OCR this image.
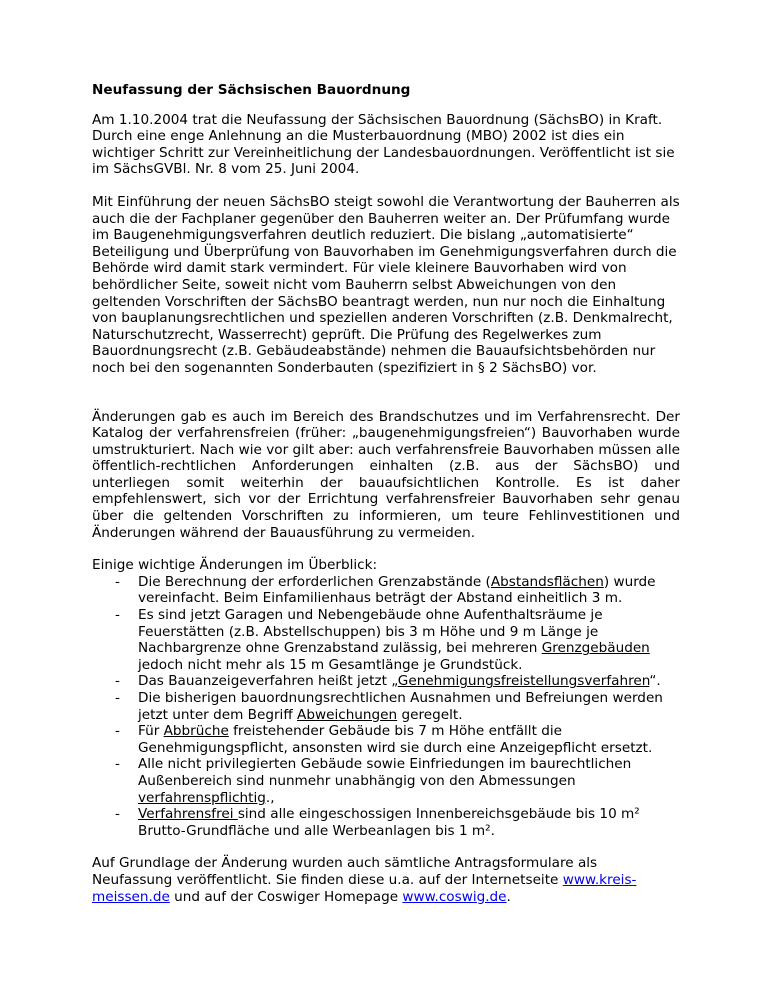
Neufassung der Sächsischen Bauordnung

Am 1.10.2004 trat die Neufassung der Sächsischen Bauordnung (SächsBO) in Kraft. Durch eine enge Anlehnung an die Musterbauordnung (MBO) 2002 ist dies ein wichtiger Schritt zur Vereinheitlichung der Landesbauordnungen. Veröffentlicht ist sie im SächsGVBl. Nr. 8 vom 25. Juni 2004.

Mit Einführung der neuen SächsBO steigt sowohl die Verantwortung der Bauherren als auch die der Fachplaner gegenüber den Bauherren weiter an. Der Prüfumfang wurde im Baugenehmigungsverfahren deutlich reduziert. Die bislang „automatisierte“ Beteiligung und Überprüfung von Bauvorhaben im Genehmigungsverfahren durch die Behörde wird damit stark vermindert. Für viele kleinere Bauvorhaben wird von behördlicher Seite, soweit nicht vom Bauherrn selbst Abweichungen von den geltenden Vorschriften der SächsBO beantragt werden, nun nur noch die Einhaltung von bauplanungsrechtlichen und speziellen anderen Vorschriften (z.B. Denkmalrecht, Naturschutzrecht, Wasserrecht) geprüft. Die Prüfung des Regelwerkes zum Bauordnungsrecht (z.B. Gebäudeabstände) nehmen die Bauaufsichtsbehörden nur noch bei den sogenannten Sonderbauten (spezifiziert in § 2 SächsBO) vor.

Änderungen gab es auch im Bereich des Brandschutzes und im Verfahrensrecht. Der Katalog der verfahrensfreien (früher: „baugenehmigungsfreien“) Bauvorhaben wurde umstrukturiert. Nach wie vor gilt aber: auch verfahrensfreie Bauvorhaben müssen alle öffentlich-rechtlichen Anforderungen einhalten (z.B. aus der SächsBO) und unterliegen somit weiterhin der bauaufsichtlichen Kontrolle. Es ist daher empfehlenswert, sich vor der Errichtung verfahrensfreier Bauvorhaben sehr genau über die geltenden Vorschriften zu informieren, um teure Fehlinvestitionen und Änderungen während der Bauausführung zu vermeiden.

Einige wichtige Änderungen im Überblick:
- Die Berechnung der erforderlichen Grenzabstände (Abstandsflächen) wurde vereinfacht. Beim Einfamilienhaus beträgt der Abstand einheitlich 3 m.
- Es sind jetzt Garagen und Nebengebäude ohne Aufenthaltsräume je Feuerstätten (z.B. Abstellschuppen) bis 3 m Höhe und 9 m Länge je Nachbargrenze ohne Grenzabstand zulässig, bei mehreren Grenzgebäuden jedoch nicht mehr als 15 m Gesamtlänge je Grundstück.
- Das Bauanzeigeverfahren heißt jetzt „Genehmigungsfreistellungsverfahren“.
- Die bisherigen bauordnungsrechtlichen Ausnahmen und Befreiungen werden jetzt unter dem Begriff Abweichungen geregelt.
- Für Abbrüche freistehender Gebäude bis 7 m Höhe entfällt die Genehmigungspflicht, ansonsten wird sie durch eine Anzeigepflicht ersetzt.
- Alle nicht privilegierten Gebäude sowie Einfriedungen im baurechtlichen Außenbereich sind nunmehr unabhängig von den Abmessungen verfahrenspflichtig.,
- Verfahrensfrei sind alle eingeschossigen Innenbereichsgebäude bis 10 m² Brutto-Grundfläche und alle Werbeanlagen bis 1 m².

Auf Grundlage der Änderung wurden auch sämtliche Antragsformulare als Neufassung veröffentlicht. Sie finden diese u.a. auf der Internetseite www.kreis-meissen.de und auf der Coswiger Homepage www.coswig.de.
